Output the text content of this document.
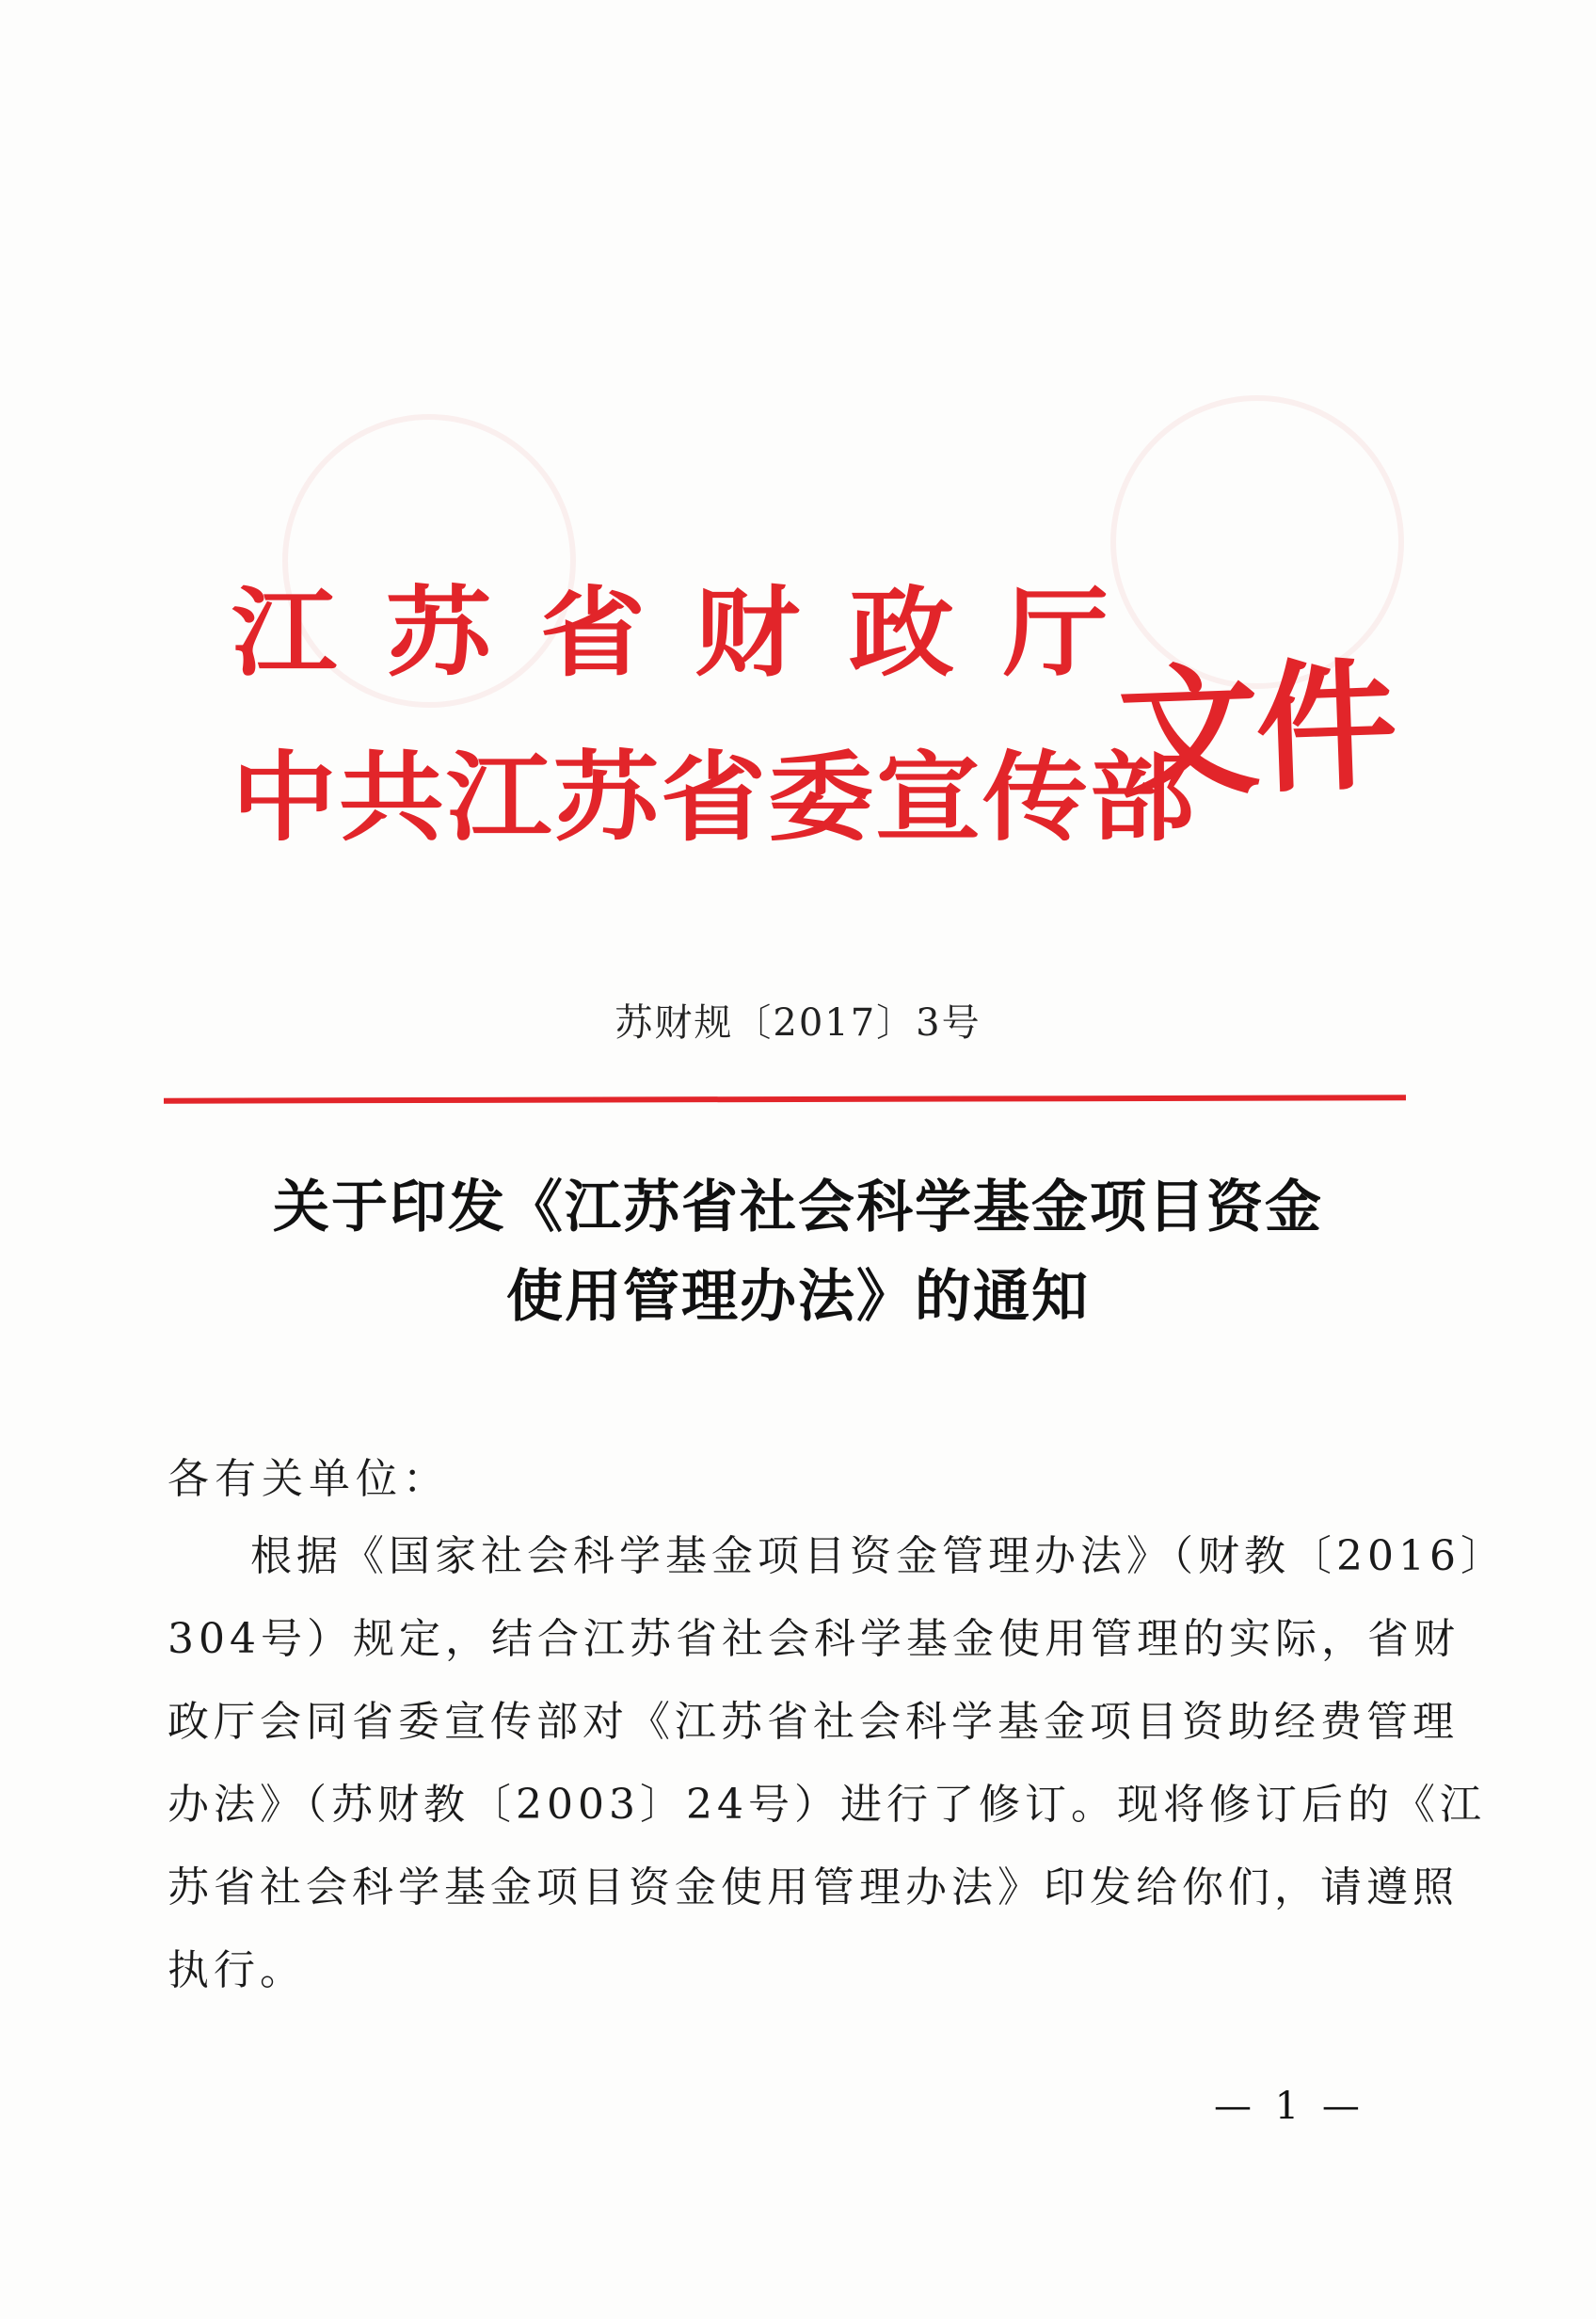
江苏省财政厅
中共江苏省委宣传部
文件
苏财规〔2017〕3号
关于印发《江苏省社会科学基金项目资金
使用管理办法》的通知
各有关单位：
根据《国家社会科学基金项目资金管理办法》（财教〔2016〕
304号）规定，结合江苏省社会科学基金使用管理的实际，省财
政厅会同省委宣传部对《江苏省社会科学基金项目资助经费管理
办法》（苏财教〔2003〕24号）进行了修订。现将修订后的《江
苏省社会科学基金项目资金使用管理办法》印发给你们，请遵照
执行。
— 1 —
